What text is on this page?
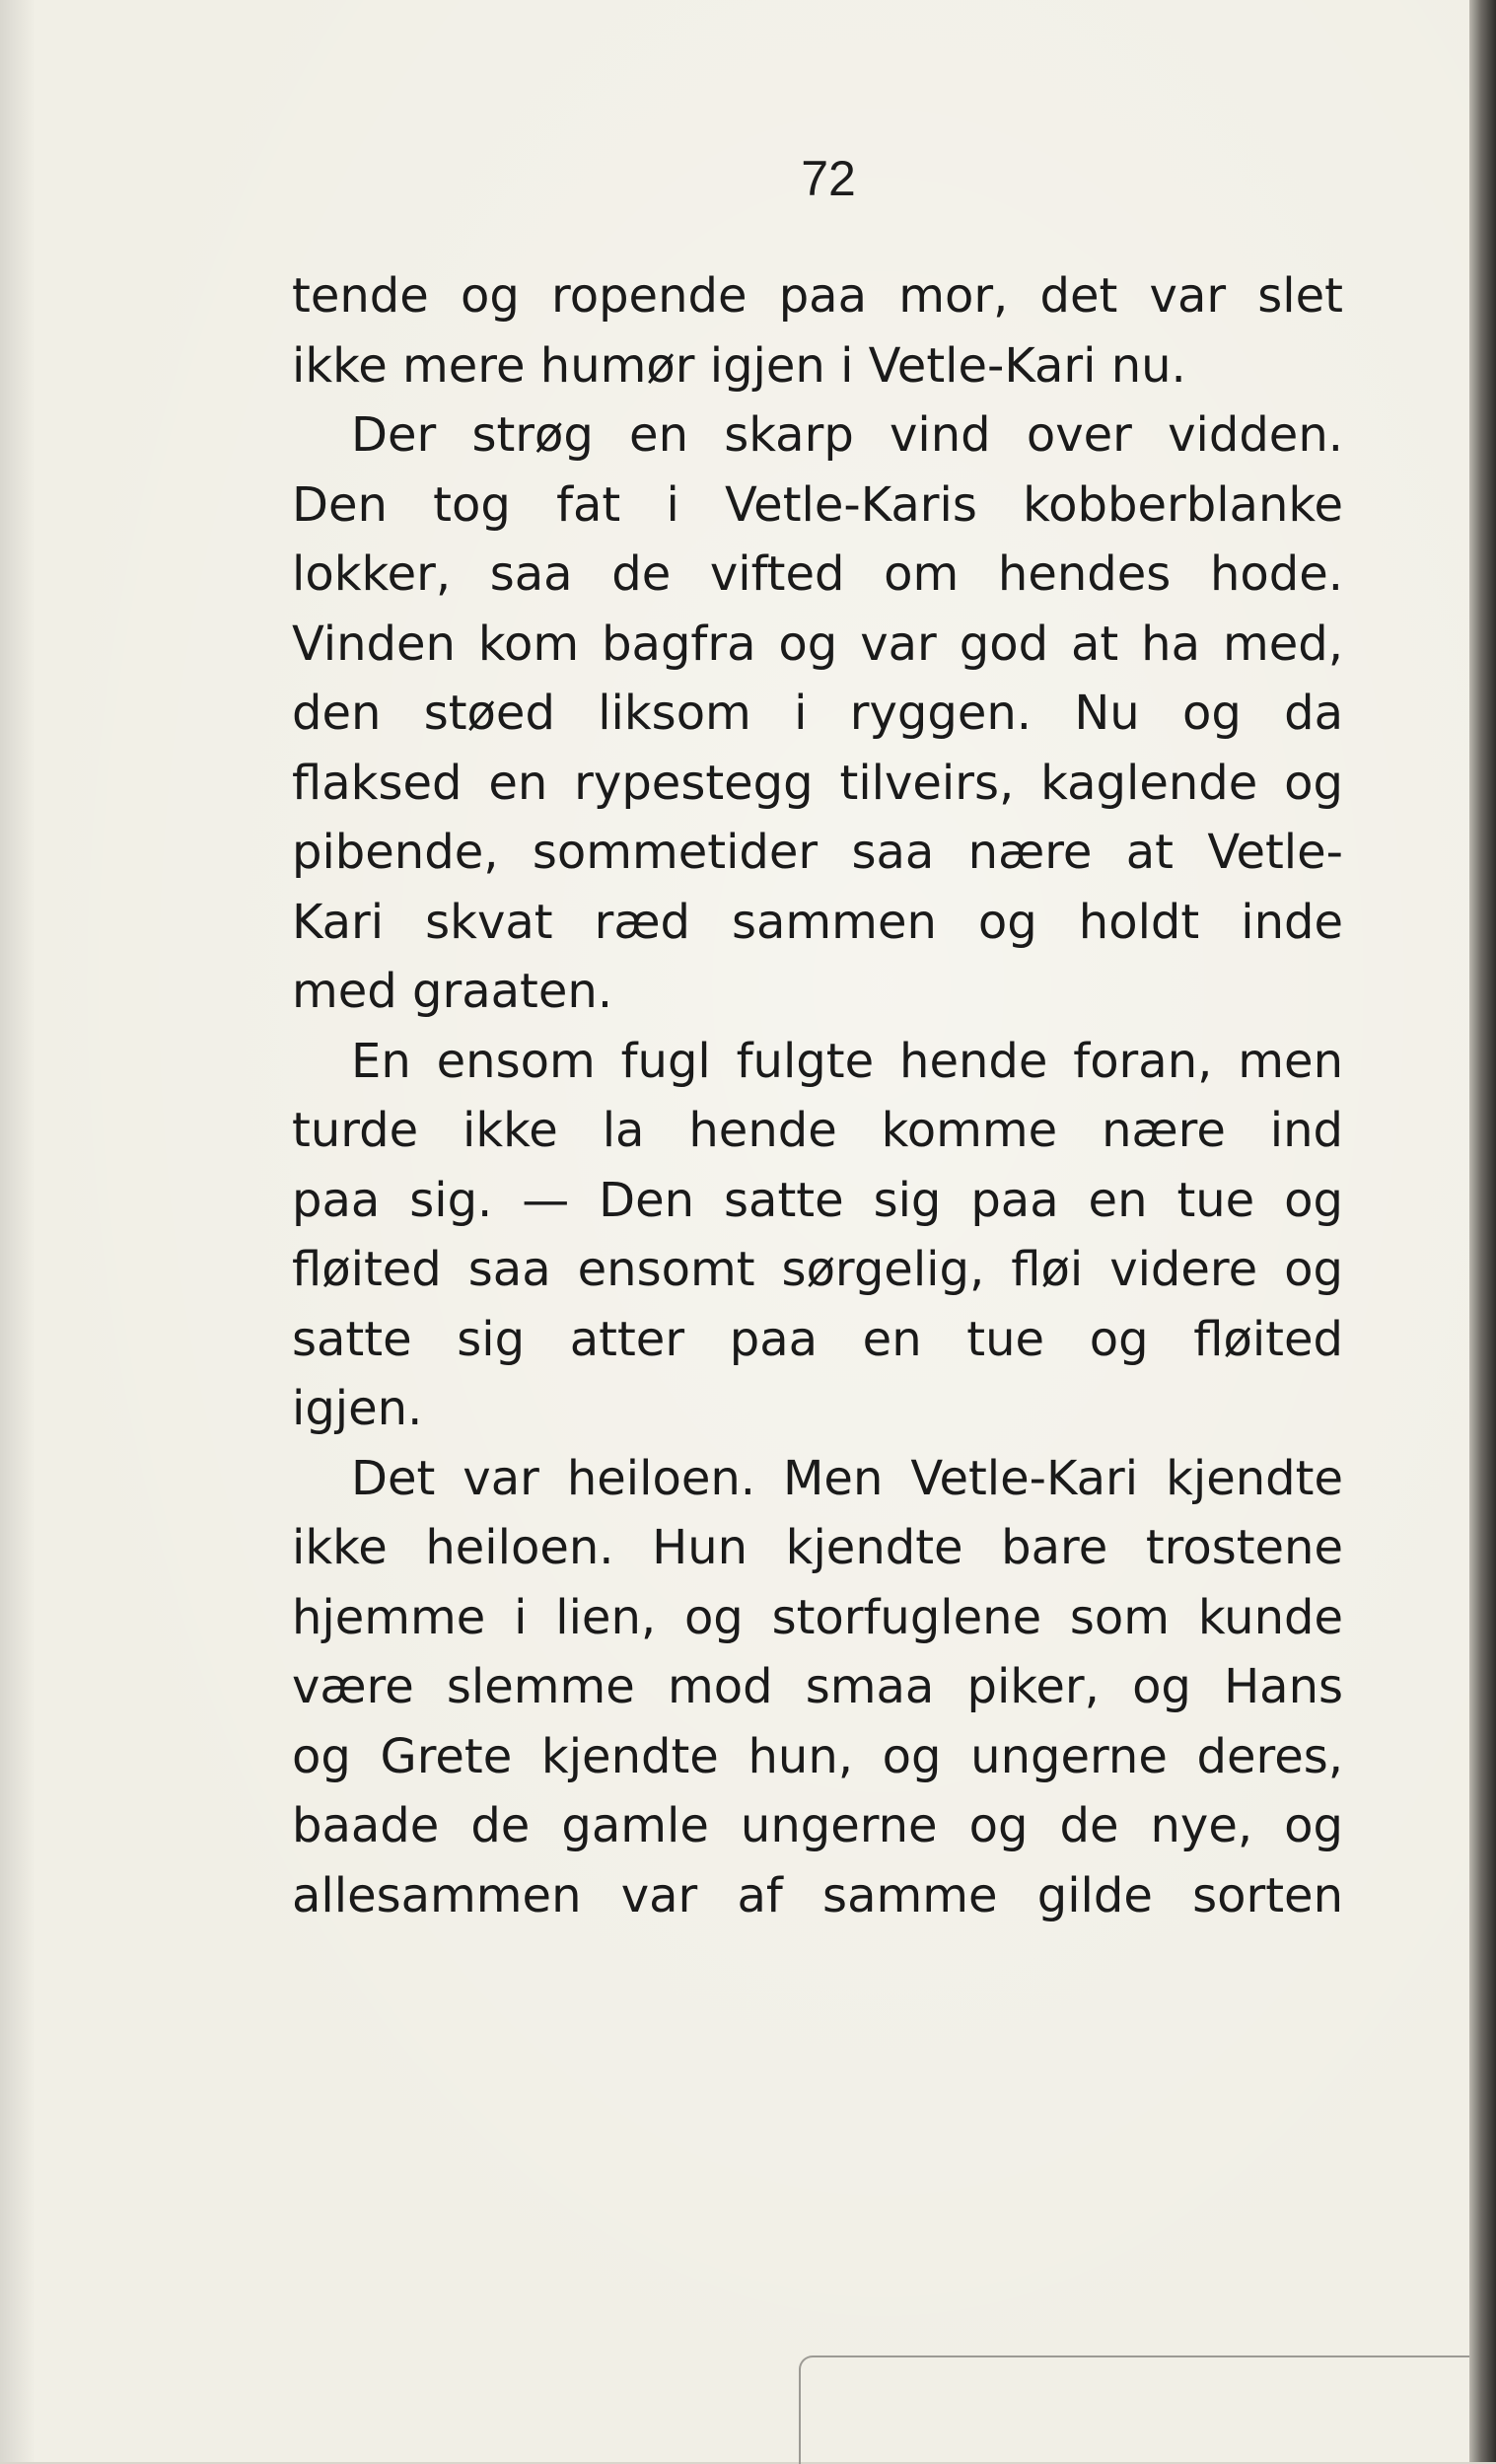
72
tende og ropende paa mor, det var slet
ikke mere humør igjen i Vetle-Kari nu.
Der strøg en skarp vind over vidden.
Den tog fat i Vetle-Karis kobberblanke
lokker, saa de vifted om hendes hode.
Vinden kom bagfra og var god at ha med,
den støed liksom i ryggen. Nu og da
flaksed en rypestegg tilveirs, kaglende og
pibende, sommetider saa nære at Vetle-
Kari skvat ræd sammen og holdt inde
med graaten.
En ensom fugl fulgte hende foran, men
turde ikke la hende komme nære ind
paa sig. — Den satte sig paa en tue og
fløited saa ensomt sørgelig, fløi videre og
satte sig atter paa en tue og fløited
igjen.
Det var heiloen. Men Vetle-Kari kjendte
ikke heiloen. Hun kjendte bare trostene
hjemme i lien, og storfuglene som kunde
være slemme mod smaa piker, og Hans
og Grete kjendte hun, og ungerne deres,
baade de gamle ungerne og de nye, og
allesammen var af samme gilde sorten
